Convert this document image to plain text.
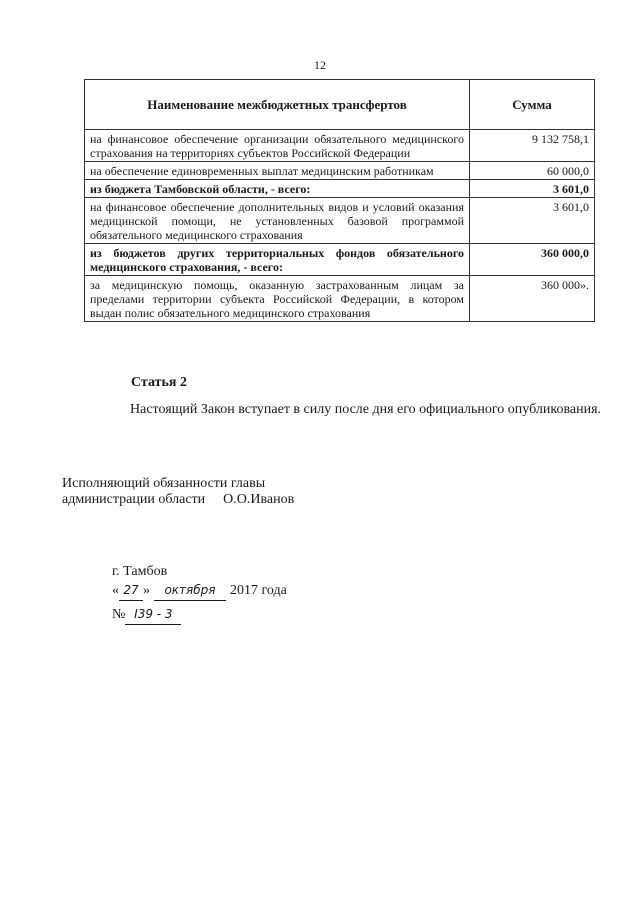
12
Наименование межбюджетных трансфертов	Сумма
на финансовое обеспечение организации обязательного медицинского страхования на территориях субъектов Российской Федерации	9 132 758,1
на обеспечение единовременных выплат медицинским работникам	60 000,0
из бюджета Тамбовской области, - всего:	3 601,0
на финансовое обеспечение дополнительных видов и условий оказания медицинской помощи, не установленных базовой программой обязательного медицинского страхования	3 601,0
из бюджетов других территориальных фондов обязательного медицинского страхования, - всего:	360 000,0
за медицинскую помощь, оказанную застрахованным лицам за пределами территории субъекта Российской Федерации, в котором выдан полис обязательного медицинского страхования	360 000».
Статья 2
Настоящий Закон вступает в силу после дня его официального опубликования.
Исполняющий обязанности главы
администрации области О.О.Иванов
г. Тамбов
« 27 » октября 2017 года
№ I39 - 3
